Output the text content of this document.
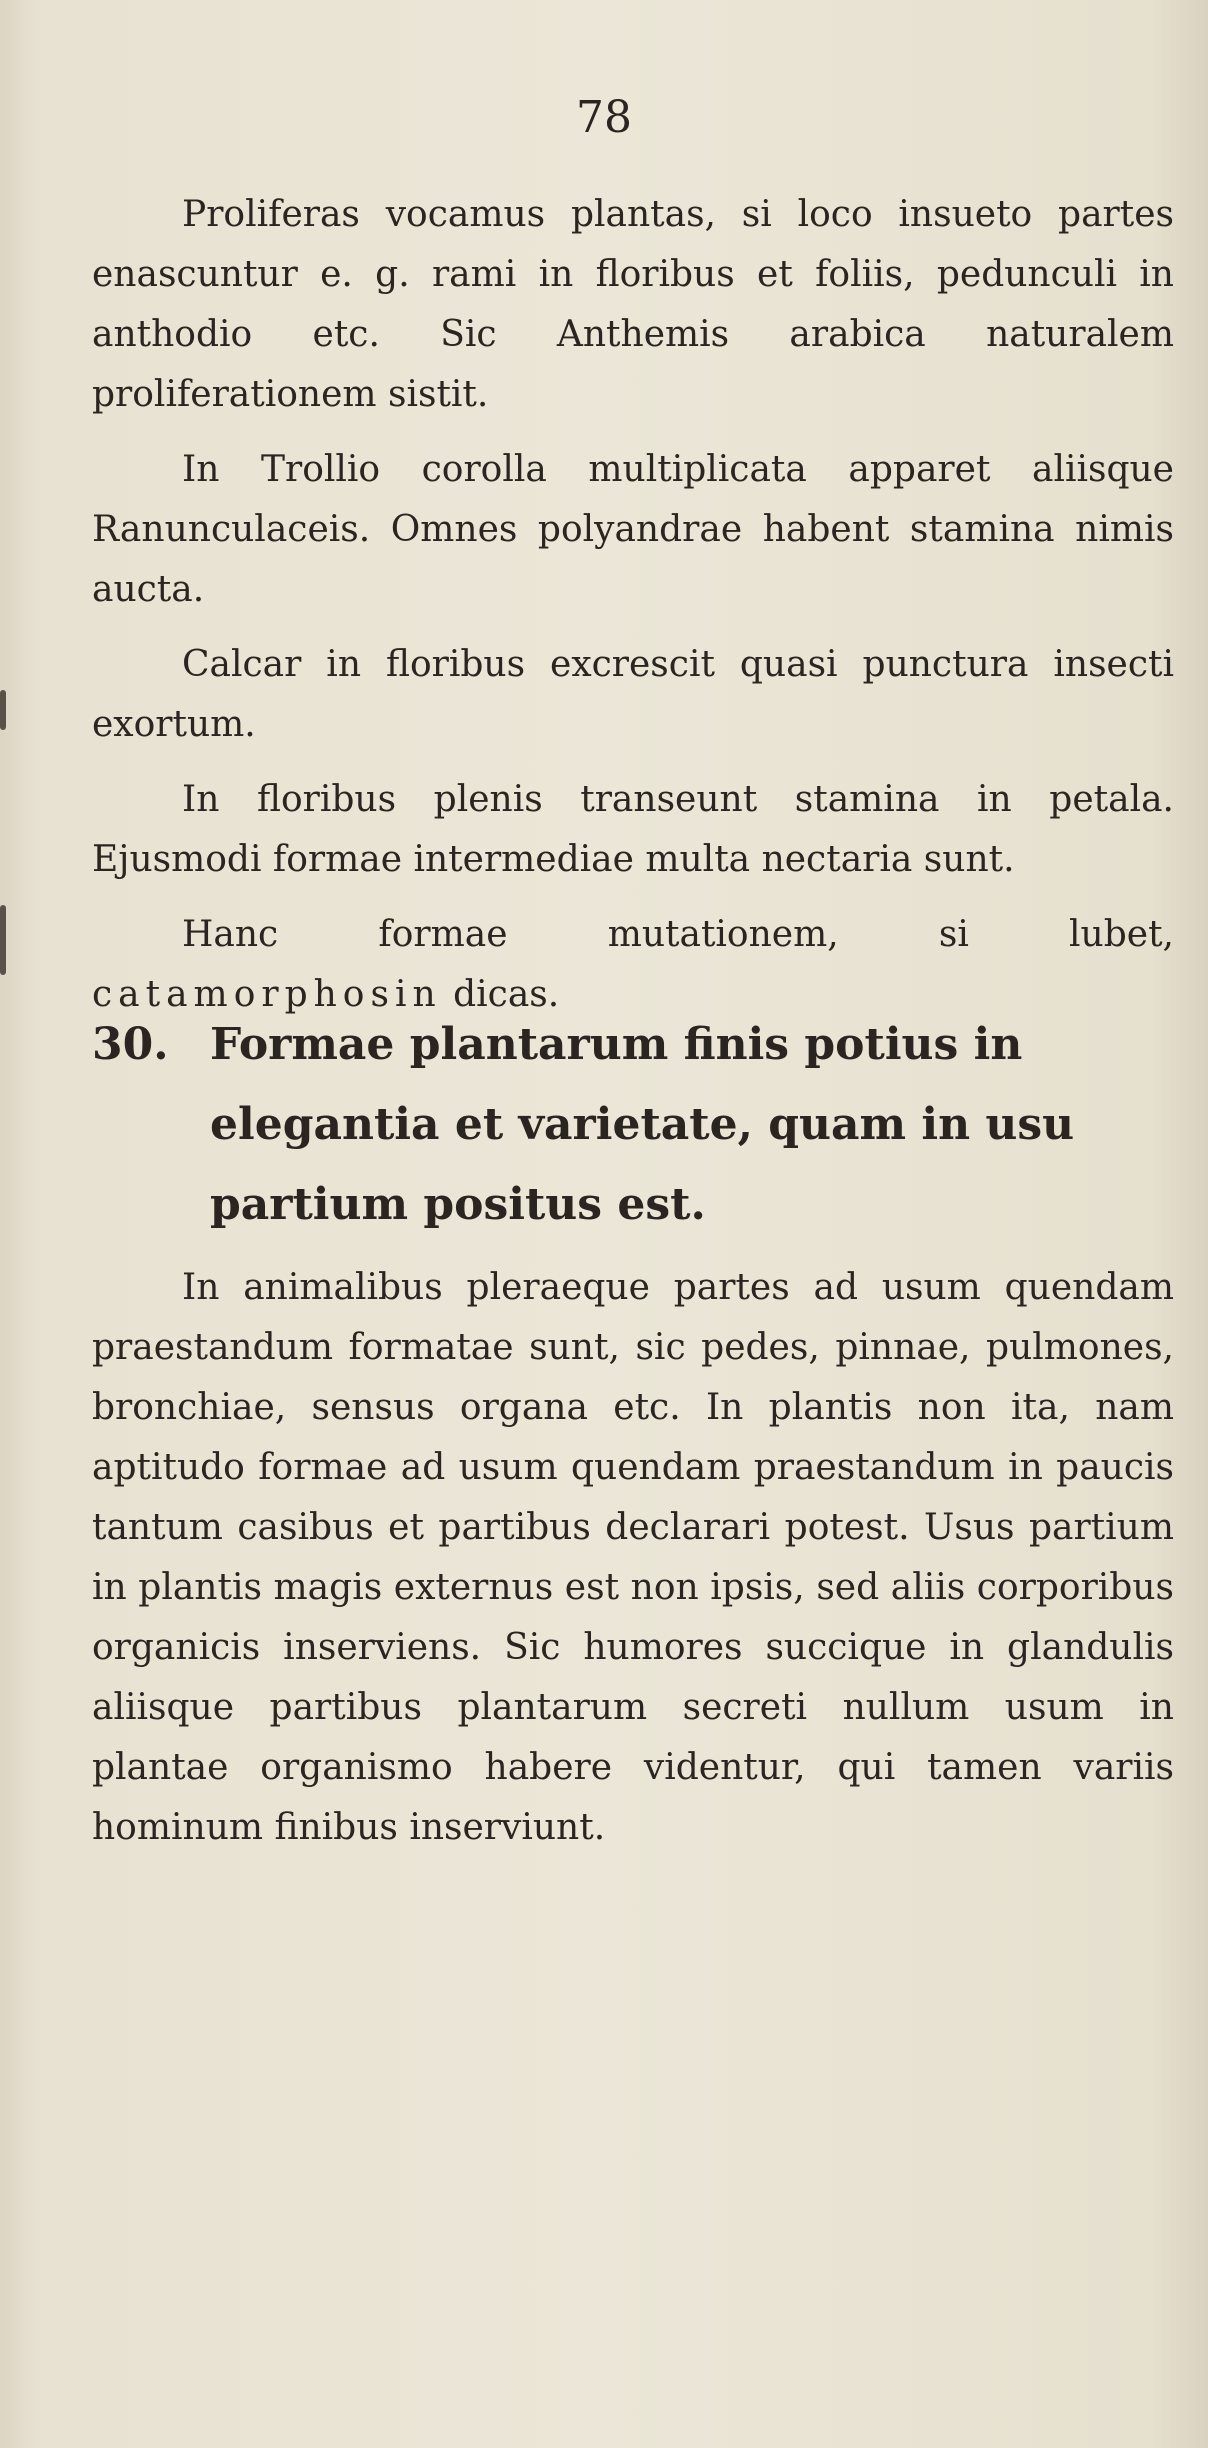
78

Proliferas vocamus plantas, si loco insueto partes enascuntur e. g. rami in floribus et foliis, pedunculi in anthodio etc. Sic Anthemis arabica naturalem proliferationem sistit.

In Trollio corolla multiplicata apparet aliisque Ranunculaceis. Omnes polyandrae habent stamina nimis aucta.

Calcar in floribus excrescit quasi punctura insecti exortum.

In floribus plenis transeunt stamina in petala. Ejusmodi formae intermediae multa nectaria sunt.

Hanc formae mutationem, si lubet, catamorphosin dicas.

30. Formae plantarum finis potius in elegantia et varietate, quam in usu partium positus est.

In animalibus pleraeque partes ad usum quendam praestandum formatae sunt, sic pedes, pinnae, pulmones, bronchiae, sensus organa etc. In plantis non ita, nam aptitudo formae ad usum quendam praestandum in paucis tantum casibus et partibus declarari potest. Usus partium in plantis magis externus est non ipsis, sed aliis corporibus organicis inserviens. Sic humores succique in glandulis aliisque partibus plantarum secreti nullum usum in plantae organismo habere videntur, qui tamen variis hominum finibus inserviunt.
